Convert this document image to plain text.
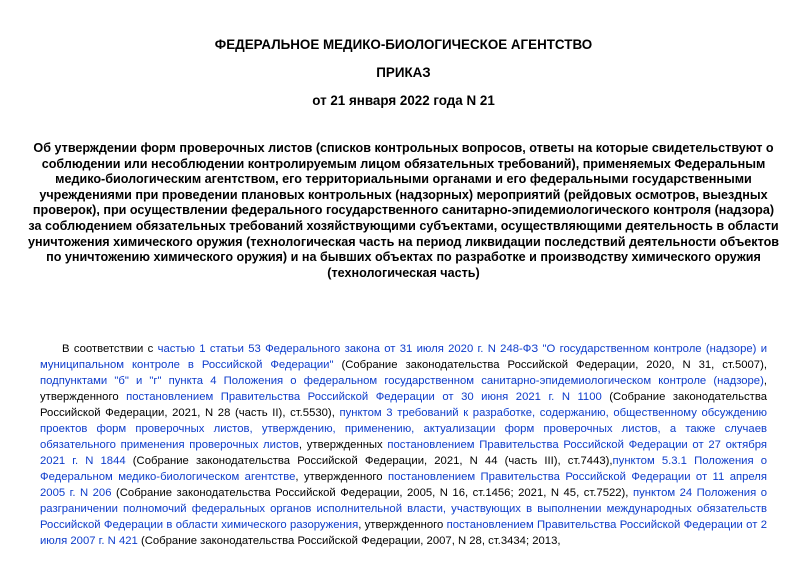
ФЕДЕРАЛЬНОЕ МЕДИКО-БИОЛОГИЧЕСКОЕ АГЕНТСТВО

ПРИКАЗ

от 21 января 2022 года N 21

Об утверждении форм проверочных листов (списков контрольных вопросов, ответы на которые свидетельствуют о соблюдении или несоблюдении контролируемым лицом обязательных требований), применяемых Федеральным медико-биологическим агентством, его территориальными органами и его федеральными государственными учреждениями при проведении плановых контрольных (надзорных) мероприятий (рейдовых осмотров, выездных проверок), при осуществлении федерального государственного санитарно-эпидемиологического контроля (надзора) за соблюдением обязательных требований хозяйствующими субъектами, осуществляющими деятельность в области уничтожения химического оружия (технологическая часть на период ликвидации последствий деятельности объектов по уничтожению химического оружия) и на бывших объектах по разработке и производству химического оружия (технологическая часть)

В соответствии с частью 1 статьи 53 Федерального закона от 31 июля 2020 г. N 248-ФЗ "О государственном контроле (надзоре) и муниципальном контроле в Российской Федерации" (Собрание законодательства Российской Федерации, 2020, N 31, ст.5007), подпунктами "б" и "г" пункта 4 Положения о федеральном государственном санитарно-эпидемиологическом контроле (надзоре), утвержденного постановлением Правительства Российской Федерации от 30 июня 2021 г. N 1100 (Собрание законодательства Российской Федерации, 2021, N 28 (часть II), ст.5530), пунктом 3 требований к разработке, содержанию, общественному обсуждению проектов форм проверочных листов, утверждению, применению, актуализации форм проверочных листов, а также случаев обязательного применения проверочных листов, утвержденных постановлением Правительства Российской Федерации от 27 октября 2021 г. N 1844 (Собрание законодательства Российской Федерации, 2021, N 44 (часть III), ст.7443),пунктом 5.3.1 Положения о Федеральном медико-биологическом агентстве, утвержденного постановлением Правительства Российской Федерации от 11 апреля 2005 г. N 206 (Собрание законодательства Российской Федерации, 2005, N 16, ст.1456; 2021, N 45, ст.7522), пунктом 24 Положения о разграничении полномочий федеральных органов исполнительной власти, участвующих в выполнении международных обязательств Российской Федерации в области химического разоружения, утвержденного постановлением Правительства Российской Федерации от 2 июля 2007 г. N 421 (Собрание законодательства Российской Федерации, 2007, N 28, ст.3434; 2013,
